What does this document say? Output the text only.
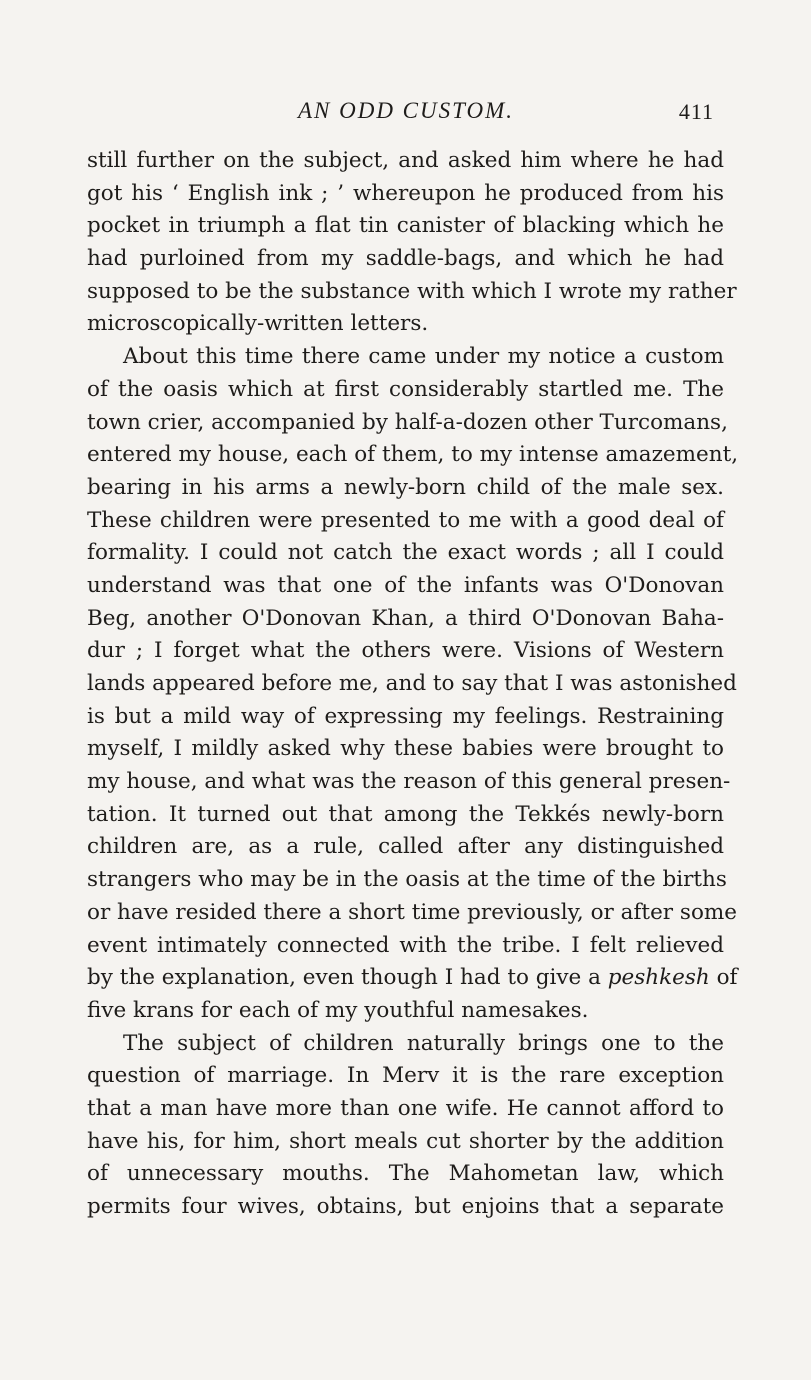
AN ODD CUSTOM.	411
still further on the subject, and asked him where he had
got his ‘ English ink ; ’ whereupon he produced from his
pocket in triumph a flat tin canister of blacking which he
had purloined from my saddle-bags, and which he had
supposed to be the substance with which I wrote my rather
microscopically-written letters.
About this time there came under my notice a custom
of the oasis which at first considerably startled me. The
town crier, accompanied by half-a-dozen other Turcomans,
entered my house, each of them, to my intense amazement,
bearing in his arms a newly-born child of the male sex.
These children were presented to me with a good deal of
formality. I could not catch the exact words ; all I could
understand was that one of the infants was O'Donovan
Beg, another O'Donovan Khan, a third O'Donovan Baha-
dur ; I forget what the others were. Visions of Western
lands appeared before me, and to say that I was astonished
is but a mild way of expressing my feelings. Restraining
myself, I mildly asked why these babies were brought to
my house, and what was the reason of this general presen-
tation. It turned out that among the Tekkés newly-born
children are, as a rule, called after any distinguished
strangers who may be in the oasis at the time of the births
or have resided there a short time previously, or after some
event intimately connected with the tribe. I felt relieved
by the explanation, even though I had to give a peshkesh of
five krans for each of my youthful namesakes.
The subject of children naturally brings one to the
question of marriage. In Merv it is the rare exception
that a man have more than one wife. He cannot afford to
have his, for him, short meals cut shorter by the addition
of unnecessary mouths. The Mahometan law, which
permits four wives, obtains, but enjoins that a separate
